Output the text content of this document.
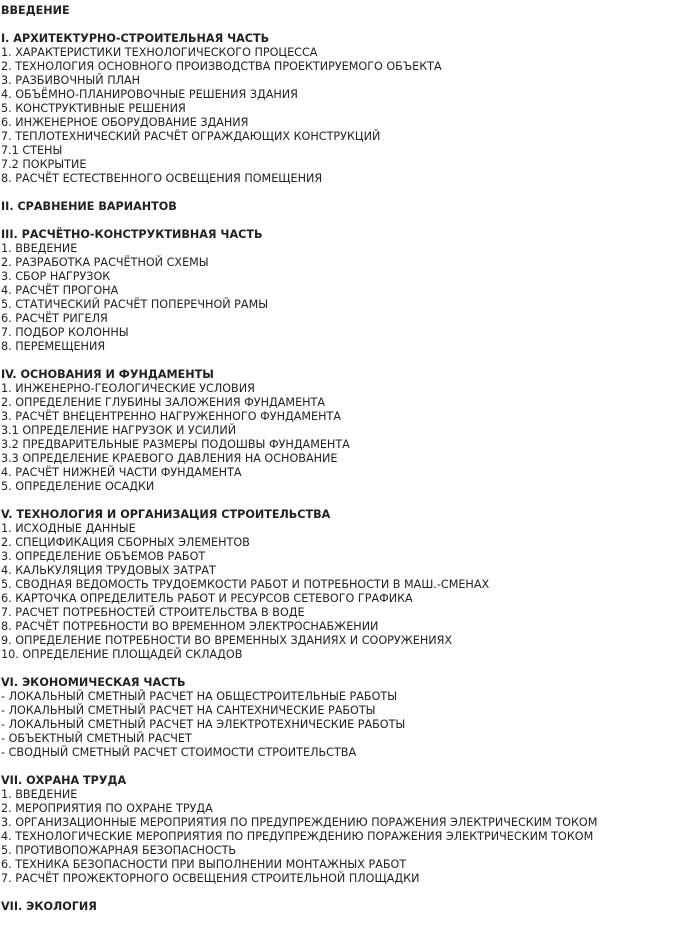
ВВЕДЕНИЕ
I. АРХИТЕКТУРНО-СТРОИТЕЛЬНАЯ ЧАСТЬ
1. ХАРАКТЕРИСТИКИ ТЕХНОЛОГИЧЕСКОГО ПРОЦЕССА
2. ТЕХНОЛОГИЯ ОСНОВНОГО ПРОИЗВОДСТВА ПРОЕКТИРУЕМОГО ОБЪЕКТА
3. РАЗБИВОЧНЫЙ ПЛАН
4. ОБЪЁМНО-ПЛАНИРОВОЧНЫЕ РЕШЕНИЯ ЗДАНИЯ
5. КОНСТРУКТИВНЫЕ РЕШЕНИЯ
6. ИНЖЕНЕРНОЕ ОБОРУДОВАНИЕ ЗДАНИЯ
7. ТЕПЛОТЕХНИЧЕСКИЙ РАСЧЁТ ОГРАЖДАЮЩИХ КОНСТРУКЦИЙ
7.1 СТЕНЫ
7.2 ПОКРЫТИЕ
8. РАСЧЁТ ЕСТЕСТВЕННОГО ОСВЕЩЕНИЯ ПОМЕЩЕНИЯ
II. СРАВНЕНИЕ ВАРИАНТОВ
III. РАСЧЁТНО-КОНСТРУКТИВНАЯ ЧАСТЬ
1. ВВЕДЕНИЕ
2. РАЗРАБОТКА РАСЧЁТНОЙ СХЕМЫ
3. СБОР НАГРУЗОК
4. РАСЧЁТ ПРОГОНА
5. СТАТИЧЕСКИЙ РАСЧЁТ ПОПЕРЕЧНОЙ РАМЫ
6. РАСЧЁТ РИГЕЛЯ
7. ПОДБОР КОЛОННЫ
8. ПЕРЕМЕЩЕНИЯ
IV. ОСНОВАНИЯ И ФУНДАМЕНТЫ
1. ИНЖЕНЕРНО-ГЕОЛОГИЧЕСКИЕ УСЛОВИЯ
2. ОПРЕДЕЛЕНИЕ ГЛУБИНЫ ЗАЛОЖЕНИЯ ФУНДАМЕНТА
3. РАСЧЁТ ВНЕЦЕНТРЕННО НАГРУЖЕННОГО ФУНДАМЕНТА
3.1 ОПРЕДЕЛЕНИЕ НАГРУЗОК И УСИЛИЙ
3.2 ПРЕДВАРИТЕЛЬНЫЕ РАЗМЕРЫ ПОДОШВЫ ФУНДАМЕНТА
3.3 ОПРЕДЕЛЕНИЕ КРАЕВОГО ДАВЛЕНИЯ НА ОСНОВАНИЕ
4. РАСЧЁТ НИЖНЕЙ ЧАСТИ ФУНДАМЕНТА
5. ОПРЕДЕЛЕНИЕ ОСАДКИ
V. ТЕХНОЛОГИЯ И ОРГАНИЗАЦИЯ СТРОИТЕЛЬСТВА
1. ИСХОДНЫЕ ДАННЫЕ
2. СПЕЦИФИКАЦИЯ СБОРНЫХ ЭЛЕМЕНТОВ
3. ОПРЕДЕЛЕНИЕ ОБЪЕМОВ РАБОТ
4. КАЛЬКУЛЯЦИЯ ТРУДОВЫХ ЗАТРАТ
5. СВОДНАЯ ВЕДОМОСТЬ ТРУДОЕМКОСТИ РАБОТ И ПОТРЕБНОСТИ В МАШ.-СМЕНАХ
6. КАРТОЧКА ОПРЕДЕЛИТЕЛЬ РАБОТ И РЕСУРСОВ СЕТЕВОГО ГРАФИКА
7. РАСЧЕТ ПОТРЕБНОСТЕЙ СТРОИТЕЛЬСТВА В ВОДЕ
8. РАСЧЁТ ПОТРЕБНОСТИ ВО ВРЕМЕННОМ ЭЛЕКТРОСНАБЖЕНИИ
9. ОПРЕДЕЛЕНИЕ ПОТРЕБНОСТИ ВО ВРЕМЕННЫХ ЗДАНИЯХ И СООРУЖЕНИЯХ
10. ОПРЕДЕЛЕНИЕ ПЛОЩАДЕЙ СКЛАДОВ
VI. ЭКОНОМИЧЕСКАЯ ЧАСТЬ
- ЛОКАЛЬНЫЙ СМЕТНЫЙ РАСЧЕТ НА ОБЩЕСТРОИТЕЛЬНЫЕ РАБОТЫ
- ЛОКАЛЬНЫЙ СМЕТНЫЙ РАСЧЕТ НА САНТЕХНИЧЕСКИЕ РАБОТЫ
- ЛОКАЛЬНЫЙ СМЕТНЫЙ РАСЧЕТ НА ЭЛЕКТРОТЕХНИЧЕСКИЕ РАБОТЫ
- ОБЪЕКТНЫЙ СМЕТНЫЙ РАСЧЕТ
- СВОДНЫЙ СМЕТНЫЙ РАСЧЕТ СТОИМОСТИ СТРОИТЕЛЬСТВА
VII. ОХРАНА ТРУДА
1. ВВЕДЕНИЕ
2. МЕРОПРИЯТИЯ ПО ОХРАНЕ ТРУДА
3. ОРГАНИЗАЦИОННЫЕ МЕРОПРИЯТИЯ ПО ПРЕДУПРЕЖДЕНИЮ ПОРАЖЕНИЯ ЭЛЕКТРИЧЕСКИМ ТОКОМ
4. ТЕХНОЛОГИЧЕСКИЕ МЕРОПРИЯТИЯ ПО ПРЕДУПРЕЖДЕНИЮ ПОРАЖЕНИЯ ЭЛЕКТРИЧЕСКИМ ТОКОМ
5. ПРОТИВОПОЖАРНАЯ БЕЗОПАСНОСТЬ
6. ТЕХНИКА БЕЗОПАСНОСТИ ПРИ ВЫПОЛНЕНИИ МОНТАЖНЫХ РАБОТ
7. РАСЧЁТ ПРОЖЕКТОРНОГО ОСВЕЩЕНИЯ СТРОИТЕЛЬНОЙ ПЛОЩАДКИ
VII. ЭКОЛОГИЯ
